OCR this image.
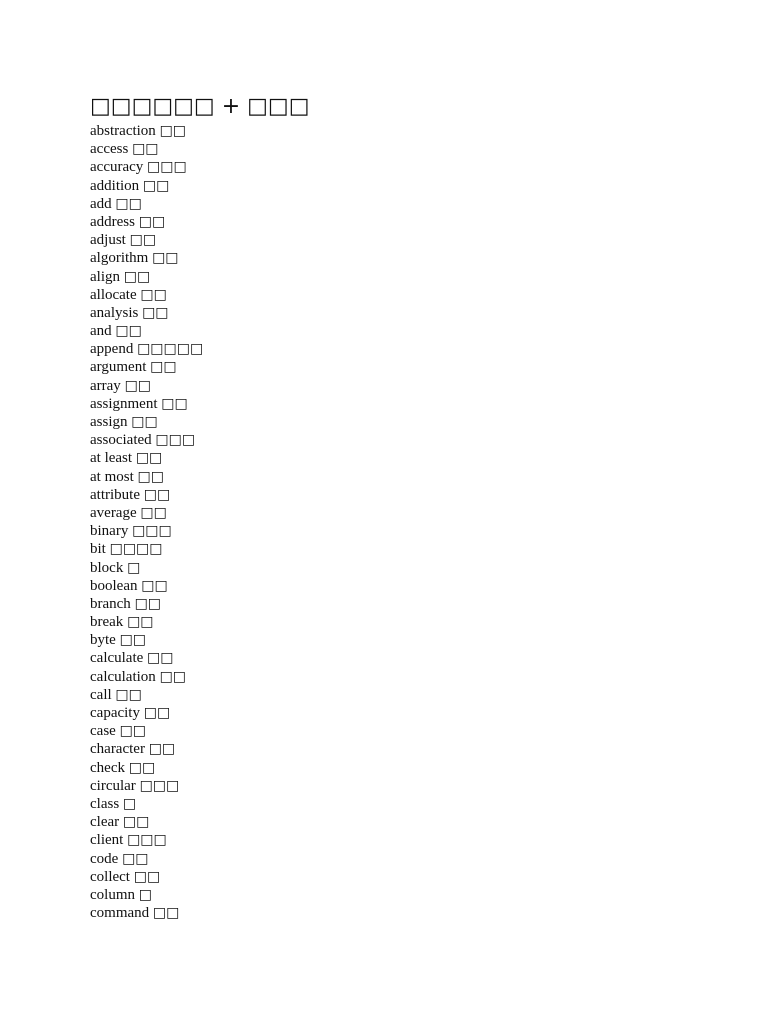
□□□□□□ + □□□
abstraction □□
access □□
accuracy □□□
addition □□
add □□
address □□
adjust □□
algorithm □□
align □□
allocate □□
analysis □□
and □□
append □□□□□
argument □□
array □□
assignment □□
assign □□
associated □□□
at least □□
at most □□
attribute □□
average □□
binary □□□
bit □□□□
block □
boolean □□
branch □□
break □□
byte □□
calculate □□
calculation □□
call □□
capacity □□
case □□
character □□
check □□
circular □□□
class □
clear □□
client □□□
code □□
collect □□
column □
command □□
